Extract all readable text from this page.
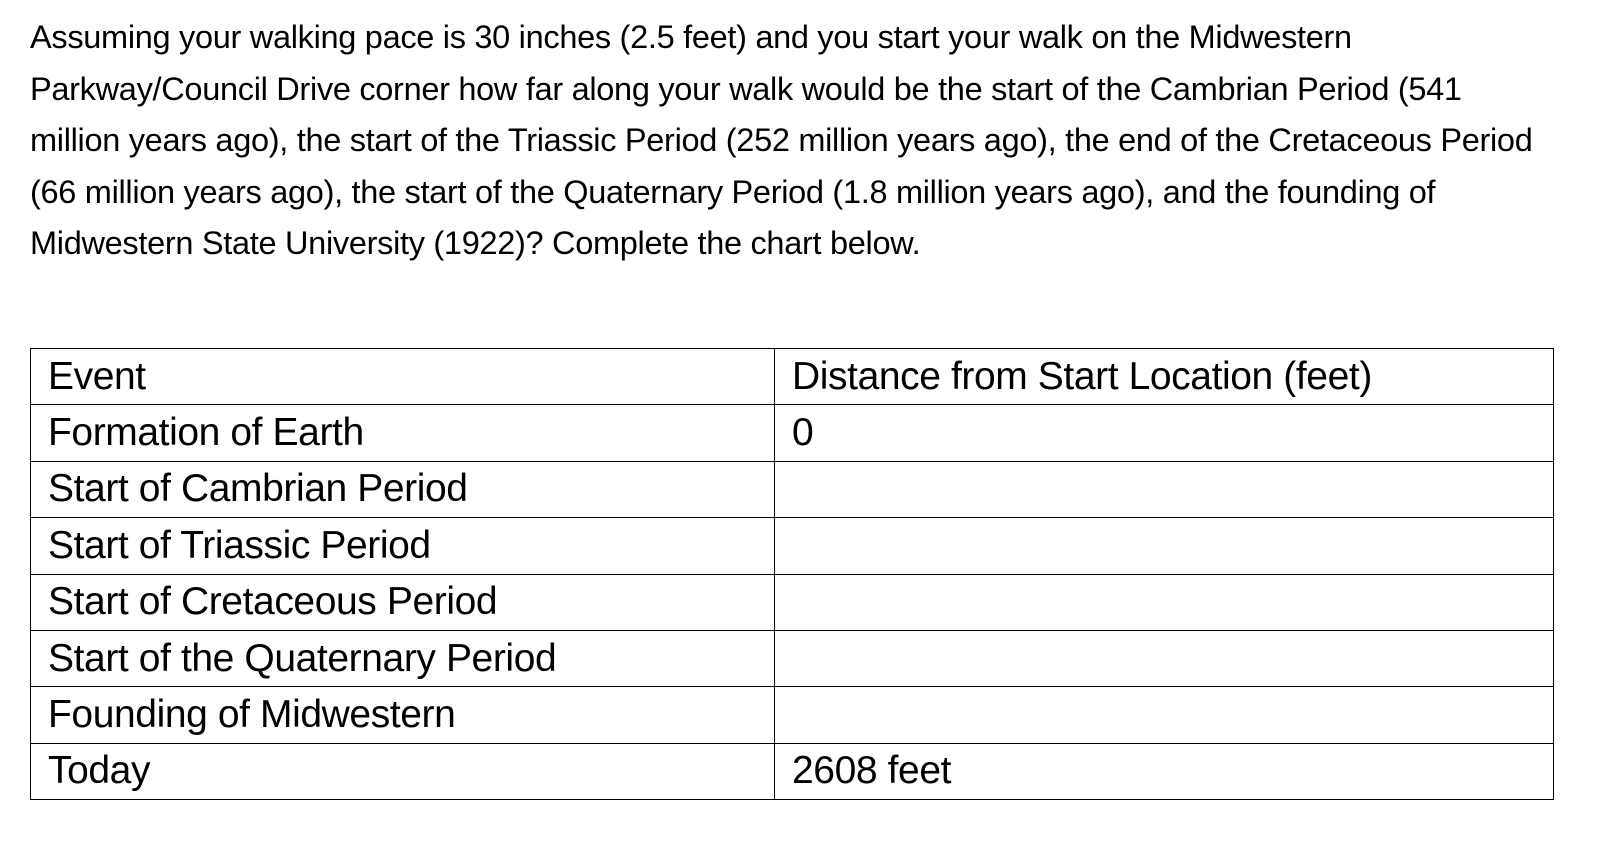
Assuming your walking pace is 30 inches (2.5 feet) and you start your walk on the Midwestern Parkway/Council Drive corner how far along your walk would be the start of the Cambrian Period (541 million years ago), the start of the Triassic Period (252 million years ago), the end of the Cretaceous Period (66 million years ago), the start of the Quaternary Period (1.8 million years ago), and the founding of Midwestern State University (1922)? Complete the chart below.

Event	Distance from Start Location (feet)
Formation of Earth	0
Start of Cambrian Period	
Start of Triassic Period	
Start of Cretaceous Period	
Start of the Quaternary Period	
Founding of Midwestern	
Today	2608 feet
